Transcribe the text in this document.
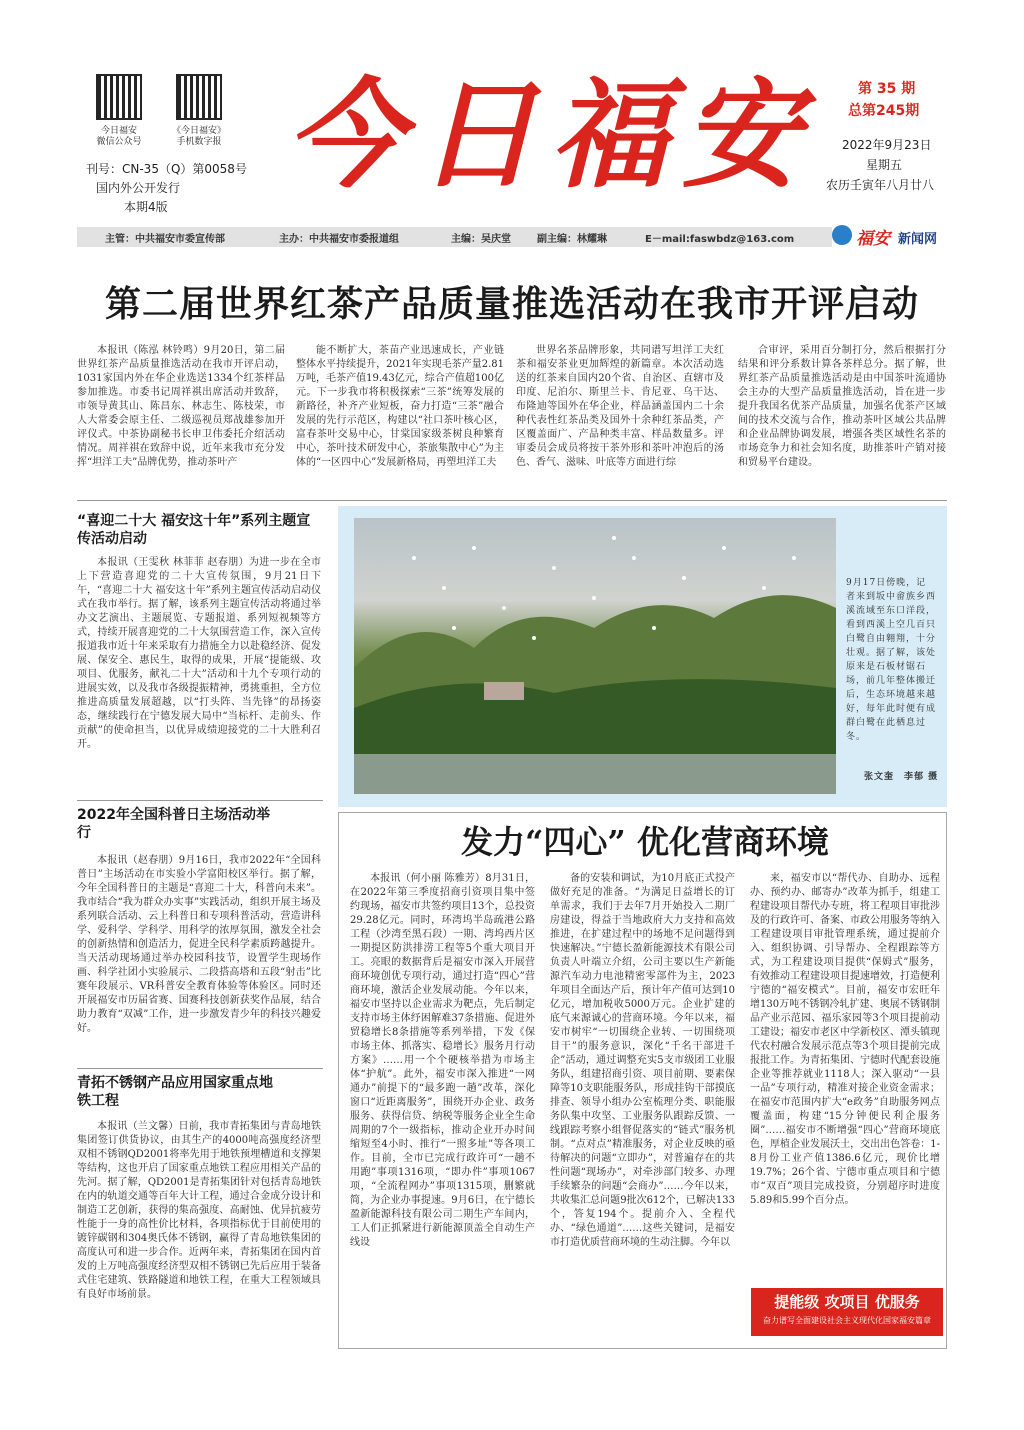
今日福安
微信公众号
《今日福安》
手机数字报
刊号：CN-35（Q）第0058号
国内外公开发行
本期4版
今日福安	第 35 期
总第245期
2022年9月23日
星期五
农历壬寅年八月廿八
主管：中共福安市委宣传部	主办：中共福安市委报道组	主编：吴庆堂	副主编：林耀琳	E－mail:faswbdz@163.com	福安 新闻网
第二届世界红茶产品质量推选活动在我市开评启动

本报讯（陈泓 林铃鸣）9月20日，第二届世界红茶产品质量推选活动在我市开评启动，1031家国内外在华企业选送1334个红茶样品参加推选。市委书记周祥祺出席活动并致辞，市领导黄其山、陈昌东、林志生、陈枝荣，市人大常委会原主任、二级巡视员郑战雄参加开评仪式。中茶协副秘书长申卫伟委托介绍活动情况。周祥祺在致辞中说，近年来我市充分发挥“坦洋工夫”品牌优势，推动茶叶产

能不断扩大，茶苗产业迅速成长，产业链整体水平持续提升，2021年实现毛茶产量2.81万吨，毛茶产值19.43亿元，综合产值超100亿元。下一步我市将积极探索“三茶”统筹发展的新路径，补齐产业短板，奋力打造“三茶”融合发展的先行示范区，构建以“社口茶叶核心区，富春茶叶交易中心，甘棠国家级茶树良种繁育中心，茶叶技术研发中心，茶旅集散中心”为主体的“一区四中心”发展新格局，再塑坦洋工夫

世界名茶品牌形象，共同谱写坦洋工夫红茶和福安茶业更加辉煌的新篇章。本次活动选送的红茶来自国内20个省、自治区、直辖市及印度、尼泊尔、斯里兰卡、肯尼亚、乌干达、布隆迪等国外在华企业，样品涵盖国内二十余种代表性红茶品类及国外十余种红茶品类，产区覆盖面广、产品种类丰富、样品数量多。评审委员会成员将按干茶外形和茶叶冲泡后的汤色、香气、滋味、叶底等方面进行综

合审评，采用百分制打分，然后根据打分结果和评分系数计算各茶样总分。据了解，世界红茶产品质量推选活动是由中国茶叶流通协会主办的大型产品质量推选活动，旨在进一步提升我国名优茶产品质量，加强名优茶产区域间的技术交流与合作，推动茶叶区域公共品牌和企业品牌协调发展，增强各类区域性名茶的市场竞争力和社会知名度，助推茶叶产销对接和贸易平台建设。

“喜迎二十大 福安这十年”系列主题宣传活动启动

本报讯（王雯秋 林菲菲 赵春朋）为进一步在全市上下营造喜迎党的二十大宣传氛围，9月21日下午，“喜迎二十大 福安这十年”系列主题宣传活动启动仪式在我市举行。据了解，该系列主题宣传活动将通过举办文艺演出、主题展览、专题报道、系列短视频等方式，持续开展喜迎党的二十大氛围营造工作，深入宣传报道我市近十年来采取有力措施全力以赴稳经济、促发展、保安全、惠民生，取得的成果，开展“提能级、攻项目、优服务，献礼二十大”活动和十九个专项行动的进展实效，以及我市各级提振精神，勇挑重担，全方位推进高质量发展超越，以“打头阵、当先锋”的昂扬姿态，继续践行在宁德发展大局中“当标杆、走前头、作贡献”的使命担当，以优异成绩迎接党的二十大胜利召开。

2022年全国科普日主场活动举行

本报讯（赵春朋）9月16日，我市2022年“全国科普日”主场活动在市实验小学富阳校区举行。据了解，今年全国科普日的主题是“喜迎二十大，科普向未来”。我市结合“我为群众办实事”实践活动，组织开展主场及系列联合活动、云上科普日和专项科普活动，营造讲科学、爱科学、学科学、用科学的浓厚氛围，激发全社会的创新热情和创造活力，促进全民科学素质跨越提升。当天活动现场通过举办校园科技节，设置学生现场作画、科学社团小实验展示、二段搭高塔和五段“射击”比赛年段展示、VR科普安全教育体验等体验区。同时还开展福安市历届省赛、国赛科技创新获奖作品展，结合助力教育“双减”工作，进一步激发青少年的科技兴趣爱好。

青拓不锈钢产品应用国家重点地铁工程

本报讯（兰文馨）日前，我市青拓集团与青岛地铁集团签订供货协议，由其生产的4000吨高强度经济型双相不锈钢QD2001将率先用于地铁预埋槽道和支撑架等结构，这也开启了国家重点地铁工程应用相关产品的先河。据了解，QD2001是青拓集团针对包括青岛地铁在内的轨道交通等百年大计工程，通过合金成分设计和制造工艺创新，获得的集高强度、高耐蚀、优异抗疲劳性能于一身的高性价比材料，各项指标优于目前使用的镀锌碳钢和304奥氏体不锈钢，赢得了青岛地铁集团的高度认可和进一步合作。近两年来，青拓集团在国内首发的上万吨高强度经济型双相不锈钢已先后应用于装备式住宅建筑、铁路隧道和地铁工程，在重大工程领域具有良好市场前景。

9月17日傍晚，记者来到坂中畲族乡西溪流域至东口洋段，看到西溪上空几百只白鹭自由翱翔，十分壮观。据了解，该处原来是石板材锯石场，前几年整体搬迁后，生态环境越来越好，每年此时便有成群白鹭在此栖息过冬。
张文奎　李郁 摄
发力“四心” 优化营商环境

本报讯（何小丽 陈雅芳）8月31日，在2022年第三季度招商引资项目集中签约现场，福安市共签约项目13个，总投资29.28亿元。同时，环湾坞半岛疏港公路工程（沙湾至黑石段）一期、湾坞西片区一期提区防洪排涝工程等5个重大项目开工。亮眼的数据背后是福安市深入开展营商环境创优专项行动，通过打造“四心”营商环境，激活企业发展动能。今年以来，福安市坚持以企业需求为靶点，先后制定支持市场主体纾困解难37条措施、促进外贸稳增长8条措施等系列举措，下发《保市场主体、抓落实、稳增长》服务月行动方案》……用一个个硬核举措为市场主体“护航”。此外，福安市深入推进“一网通办”前提下的“最多跑一趟”改革，深化窗口“近距离服务”，围绕开办企业、政务服务、获得信贷、纳税等服务企业全生命周期的7个一级指标，推动企业开办时间缩短至4小时、推行“一照多址”等各项工作。目前，全市已完成行政许可“一趟不用跑”事项1316项，“即办件”事项1067项，“全流程网办”事项1315项，删繁就简，为企业办事提速。9月6日，在宁德长盈新能源科技有限公司二期生产车间内，工人们正抓紧进行新能源顶盖全自动生产线设

备的安装和调试，为10月底正式投产做好充足的准备。“为满足日益增长的订单需求，我们于去年7月开始投入二期厂房建设，得益于当地政府大力支持和高效推进，在扩建过程中的场地不足问题得到快速解决。”宁德长盈新能源技术有限公司负责人叶端立介绍，公司主要以生产新能源汽车动力电池精密零部件为主，2023年项目全面达产后，预计年产值可达到10亿元，增加税收5000万元。企业扩建的底气来源诚心的营商环境。今年以来，福安市树牢“一切围绕企业转、一切围绕项目干”的服务意识，深化“千名干部进千企”活动，通过调整充实5支市级团工业服务队，组建招商引资、项目前期、要素保障等10支职能服务队，形成挂钩干部摸底排查、领导小组办公室梳理分类、职能服务队集中攻坚、工业服务队跟踪反馈、一线跟踪考察小组督促落实的“链式”服务机制。“点对点”精准服务，对企业反映的亟待解决的问题“立即办”，对普遍存在的共性问题“现场办”，对牵涉部门较多、办理手续繁杂的问题“会商办”……今年以来，共收集汇总问题9批次612个，已解决133个，答复194个。提前介入、全程代办、“绿色通道”……这些关键词，是福安市打造优质营商环境的生动注脚。今年以

来，福安市以“帮代办、自助办、远程办、预约办、邮寄办”改革为抓手，组建工程建设项目帮代办专班，将工程项目审批涉及的行政许可、备案、市政公用服务等纳入工程建设项目审批管理系统，通过提前介入、组织协调、引导帮办、全程跟踪等方式，为工程建设项目提供“保姆式”服务，有效推动工程建设项目提速增效，打造便利宁德的“福安模式”。目前，福安市宏旺年增130万吨不锈钢冷轧扩建、奥展不锈钢制品产业示范园、福乐家园等3个项目提前动工建设；福安市老区中学新校区、潭头镇现代农村融合发展示范点等3个项目提前完成报批工作。为青拓集团、宁德时代配套设施企业等推荐就业1118人；深入驱动“一县一品”专项行动，精准对接企业资金需求；在福安市范围内扩大“e政务”自助服务网点覆盖面，构建“15分钟便民利企服务圈”……福安市不断增强“四心”营商环境底色，厚植企业发展沃土，交出出色答卷：1-8月份工业产值1386.6亿元，现价比增19.7%；26个省、宁德市重点项目和宁德市“双百”项目完成投资，分别超序时进度5.89和5.99个百分点。

提能级 攻项目 优服务
奋力谱写全面建设社会主义现代化国家福安篇章
